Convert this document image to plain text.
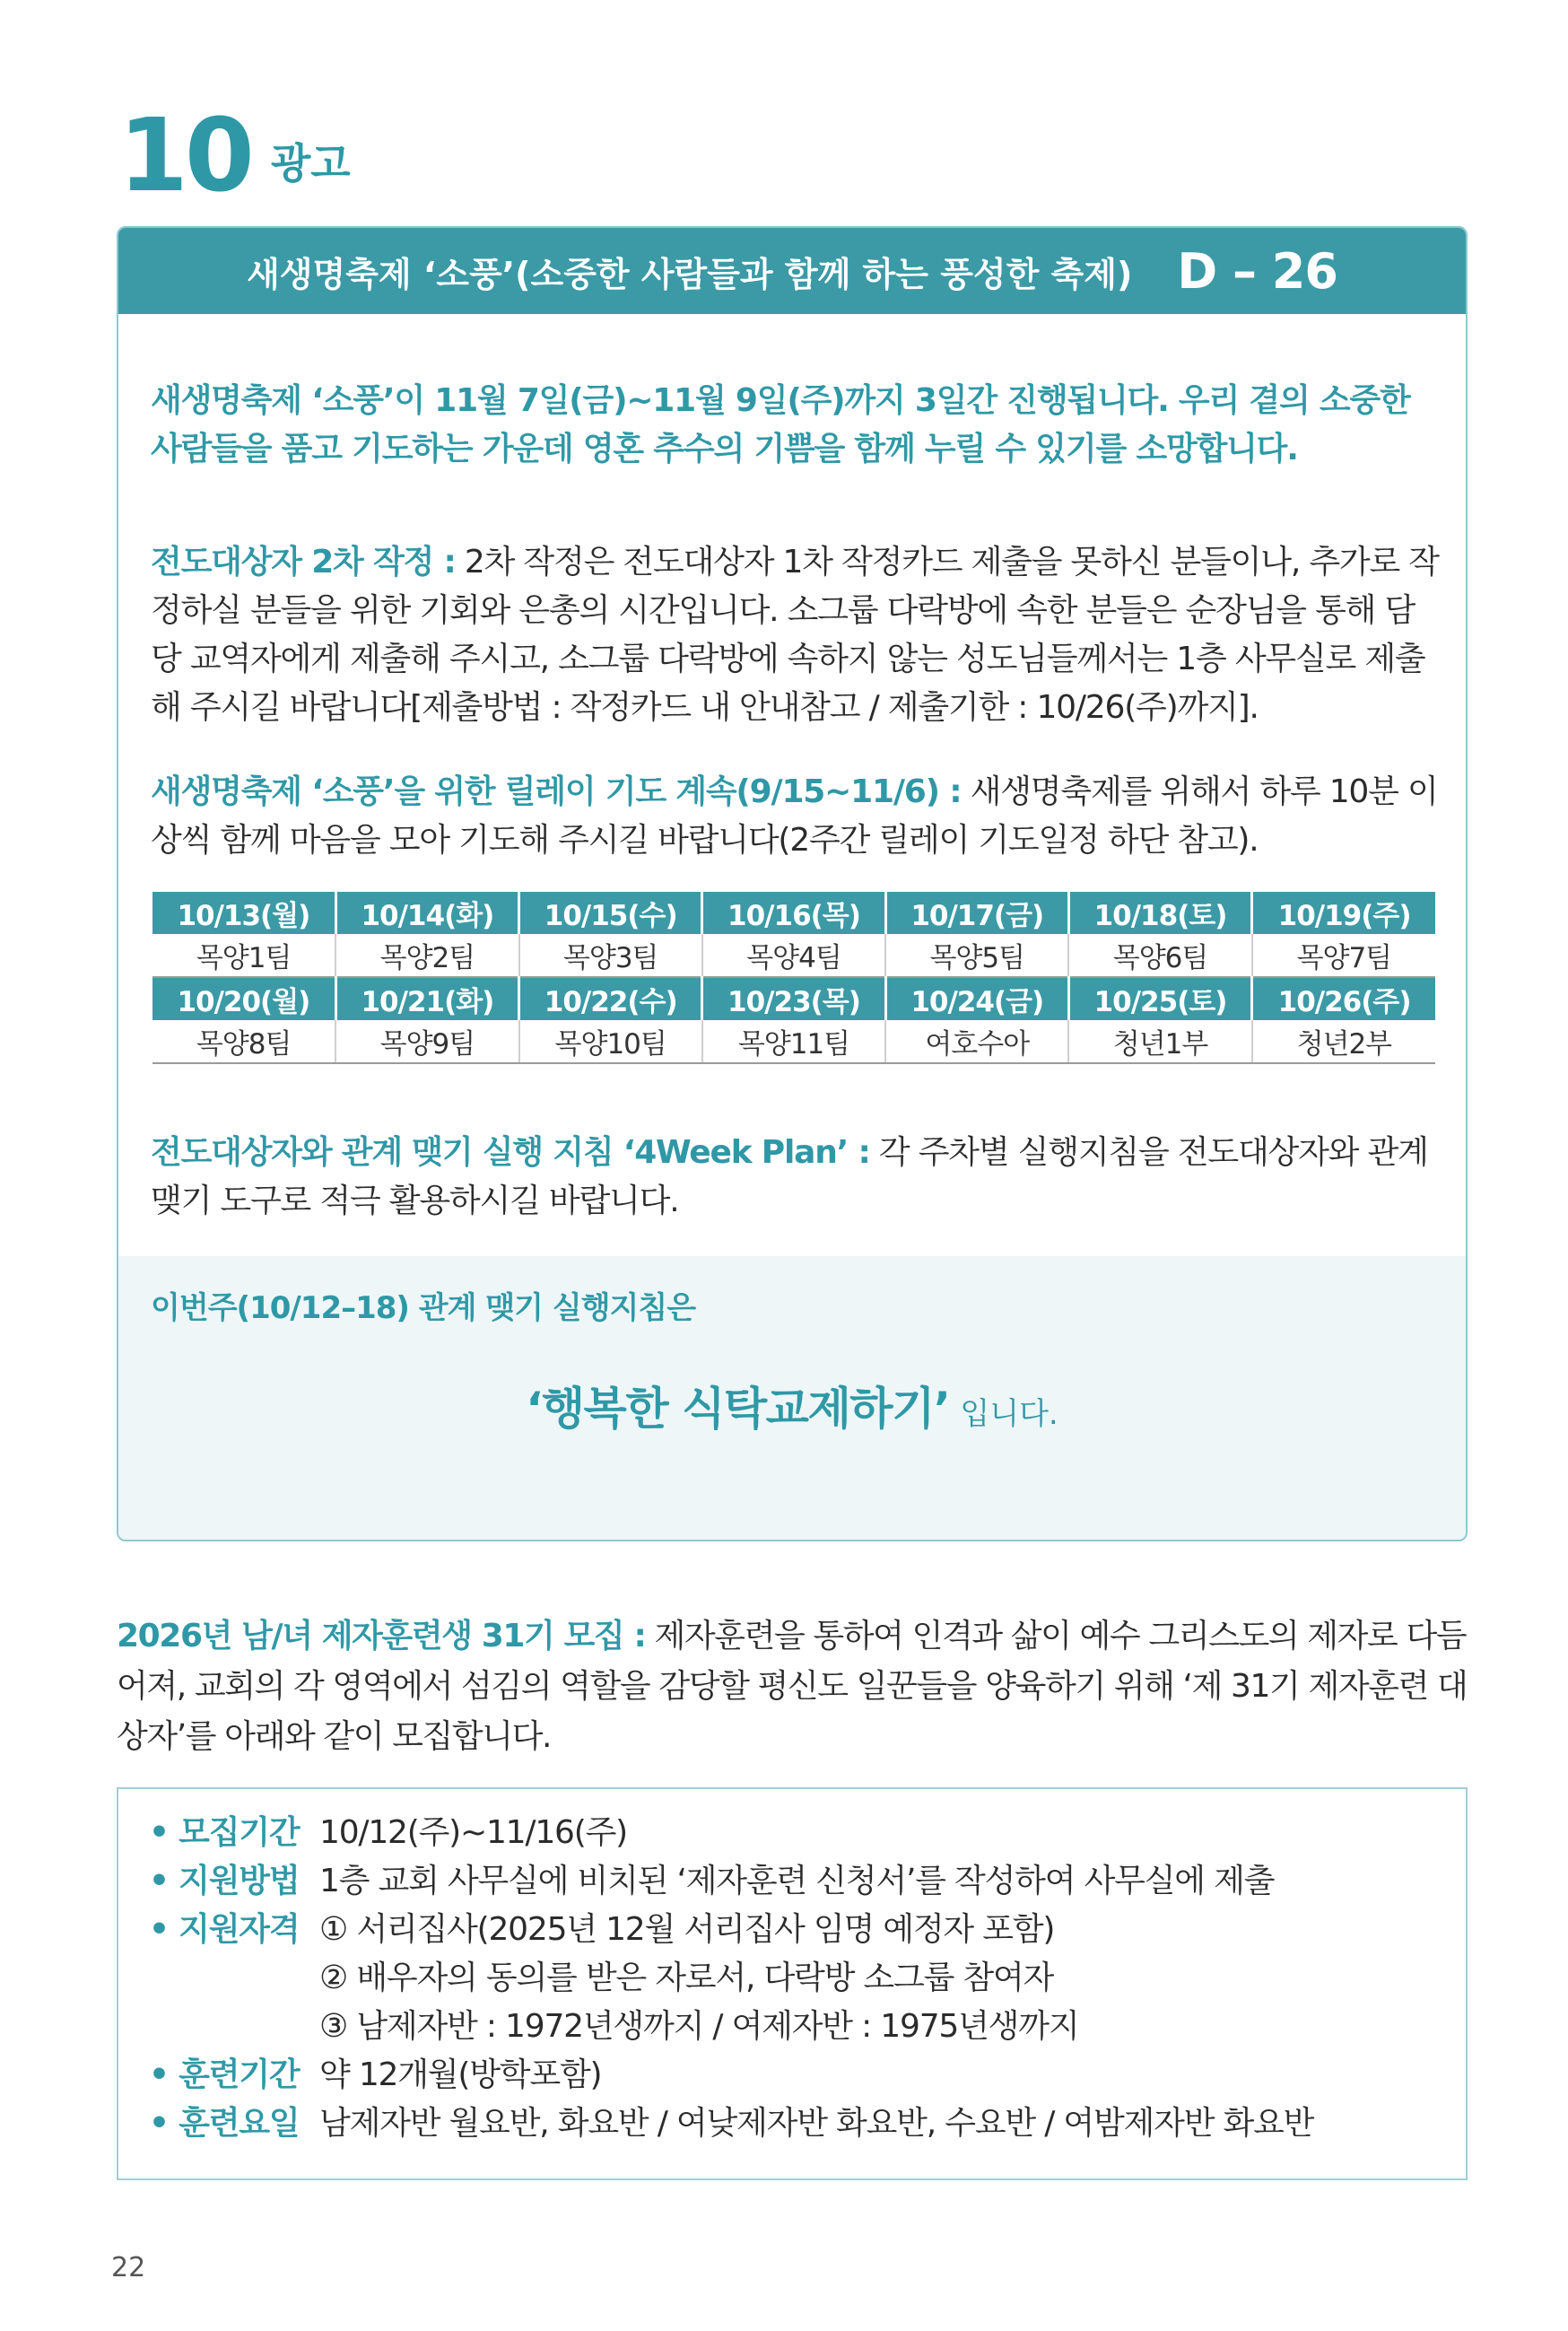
10 광고
새생명축제 ‘소풍’(소중한 사람들과 함께 하는 풍성한 축제) D – 26
새생명축제 ‘소풍’이 11월 7일(금)~11월 9일(주)까지 3일간 진행됩니다. 우리 곁의 소중한 사람들을 품고 기도하는 가운데 영혼 추수의 기쁨을 함께 누릴 수 있기를 소망합니다.
전도대상자 2차 작정 : 2차 작정은 전도대상자 1차 작정카드 제출을 못하신 분들이나, 추가로 작정하실 분들을 위한 기회와 은총의 시간입니다. 소그룹 다락방에 속한 분들은 순장님을 통해 담당 교역자에게 제출해 주시고, 소그룹 다락방에 속하지 않는 성도님들께서는 1층 사무실로 제출해 주시길 바랍니다[제출방법 : 작정카드 내 안내참고 / 제출기한 : 10/26(주)까지].
새생명축제 ‘소풍’을 위한 릴레이 기도 계속(9/15~11/6) : 새생명축제를 위해서 하루 10분 이상씩 함께 마음을 모아 기도해 주시길 바랍니다(2주간 릴레이 기도일정 하단 참고).
10/13(월)	10/14(화)	10/15(수)	10/16(목)	10/17(금)	10/18(토)	10/19(주)
목양1팀	목양2팀	목양3팀	목양4팀	목양5팀	목양6팀	목양7팀
10/20(월)	10/21(화)	10/22(수)	10/23(목)	10/24(금)	10/25(토)	10/26(주)
목양8팀	목양9팀	목양10팀	목양11팀	여호수아	청년1부	청년2부
전도대상자와 관계 맺기 실행 지침 ‘4Week Plan’ : 각 주차별 실행지침을 전도대상자와 관계 맺기 도구로 적극 활용하시길 바랍니다.
이번주(10/12–18) 관계 맺기 실행지침은
‘행복한 식탁교제하기’ 입니다.
2026년 남/녀 제자훈련생 31기 모집 : 제자훈련을 통하여 인격과 삶이 예수 그리스도의 제자로 다듬어져, 교회의 각 영역에서 섬김의 역할을 감당할 평신도 일꾼들을 양육하기 위해 ‘제 31기 제자훈련 대상자’를 아래와 같이 모집합니다.
• 모집기간 10/12(주)~11/16(주)
• 지원방법 1층 교회 사무실에 비치된 ‘제자훈련 신청서’를 작성하여 사무실에 제출
• 지원자격 ① 서리집사(2025년 12월 서리집사 임명 예정자 포함)
② 배우자의 동의를 받은 자로서, 다락방 소그룹 참여자
③ 남제자반 : 1972년생까지 / 여제자반 : 1975년생까지
• 훈련기간 약 12개월(방학포함)
• 훈련요일 남제자반 월요반, 화요반 / 여낮제자반 화요반, 수요반 / 여밤제자반 화요반
22
